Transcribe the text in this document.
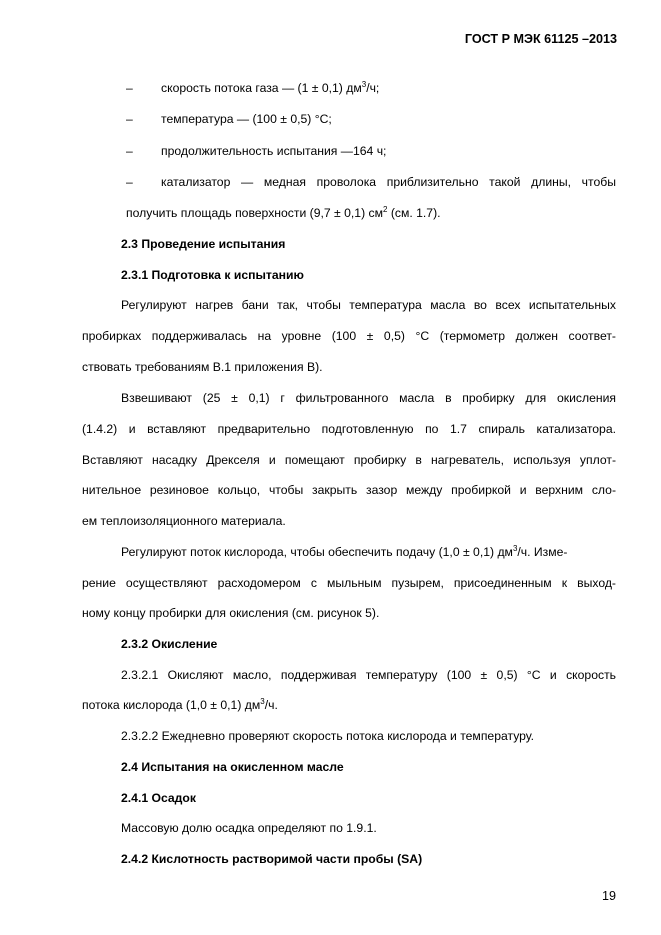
ГОСТ Р МЭК 61125 –2013
– скорость потока газа — (1 ± 0,1) $дм^3/ч$;
– температура — (100 ± 0,5) °С;
– продолжительность испытания —164 ч;
– катализатор — медная проволока приблизительно такой длины, чтобы
получить площадь поверхности (9,7 ± 0,1) $см^2$ (см. 1.7).
2.3 Проведение испытания
2.3.1 Подготовка к испытанию
Регулируют нагрев бани так, чтобы температура масла во всех испытательных
пробирках поддерживалась на уровне (100 ± 0,5) °С (термометр должен соответ-
ствовать требованиям В.1 приложения В).
Взвешивают (25 ± 0,1) г фильтрованного масла в пробирку для окисления
(1.4.2) и вставляют предварительно подготовленную по 1.7 спираль катализатора.
Вставляют насадку Дрекселя и помещают пробирку в нагреватель, используя уплот-
нительное резиновое кольцо, чтобы закрыть зазор между пробиркой и верхним сло-
ем теплоизоляционного материала.
Регулируют поток кислорода, чтобы обеспечить подачу (1,0 ± 0,1) $дм^3/ч$. Изме-
рение осуществляют расходомером с мыльным пузырем, присоединенным к выход-
ному концу пробирки для окисления (см. рисунок 5).
2.3.2 Окисление
2.3.2.1 Окисляют масло, поддерживая температуру (100 ± 0,5) °С и скорость
потока кислорода (1,0 ± 0,1) $дм^3/ч$.
2.3.2.2 Ежедневно проверяют скорость потока кислорода и температуру.
2.4 Испытания на окисленном масле
2.4.1 Осадок
Массовую долю осадка определяют по 1.9.1.
2.4.2 Кислотность растворимой части пробы (SA)
19
